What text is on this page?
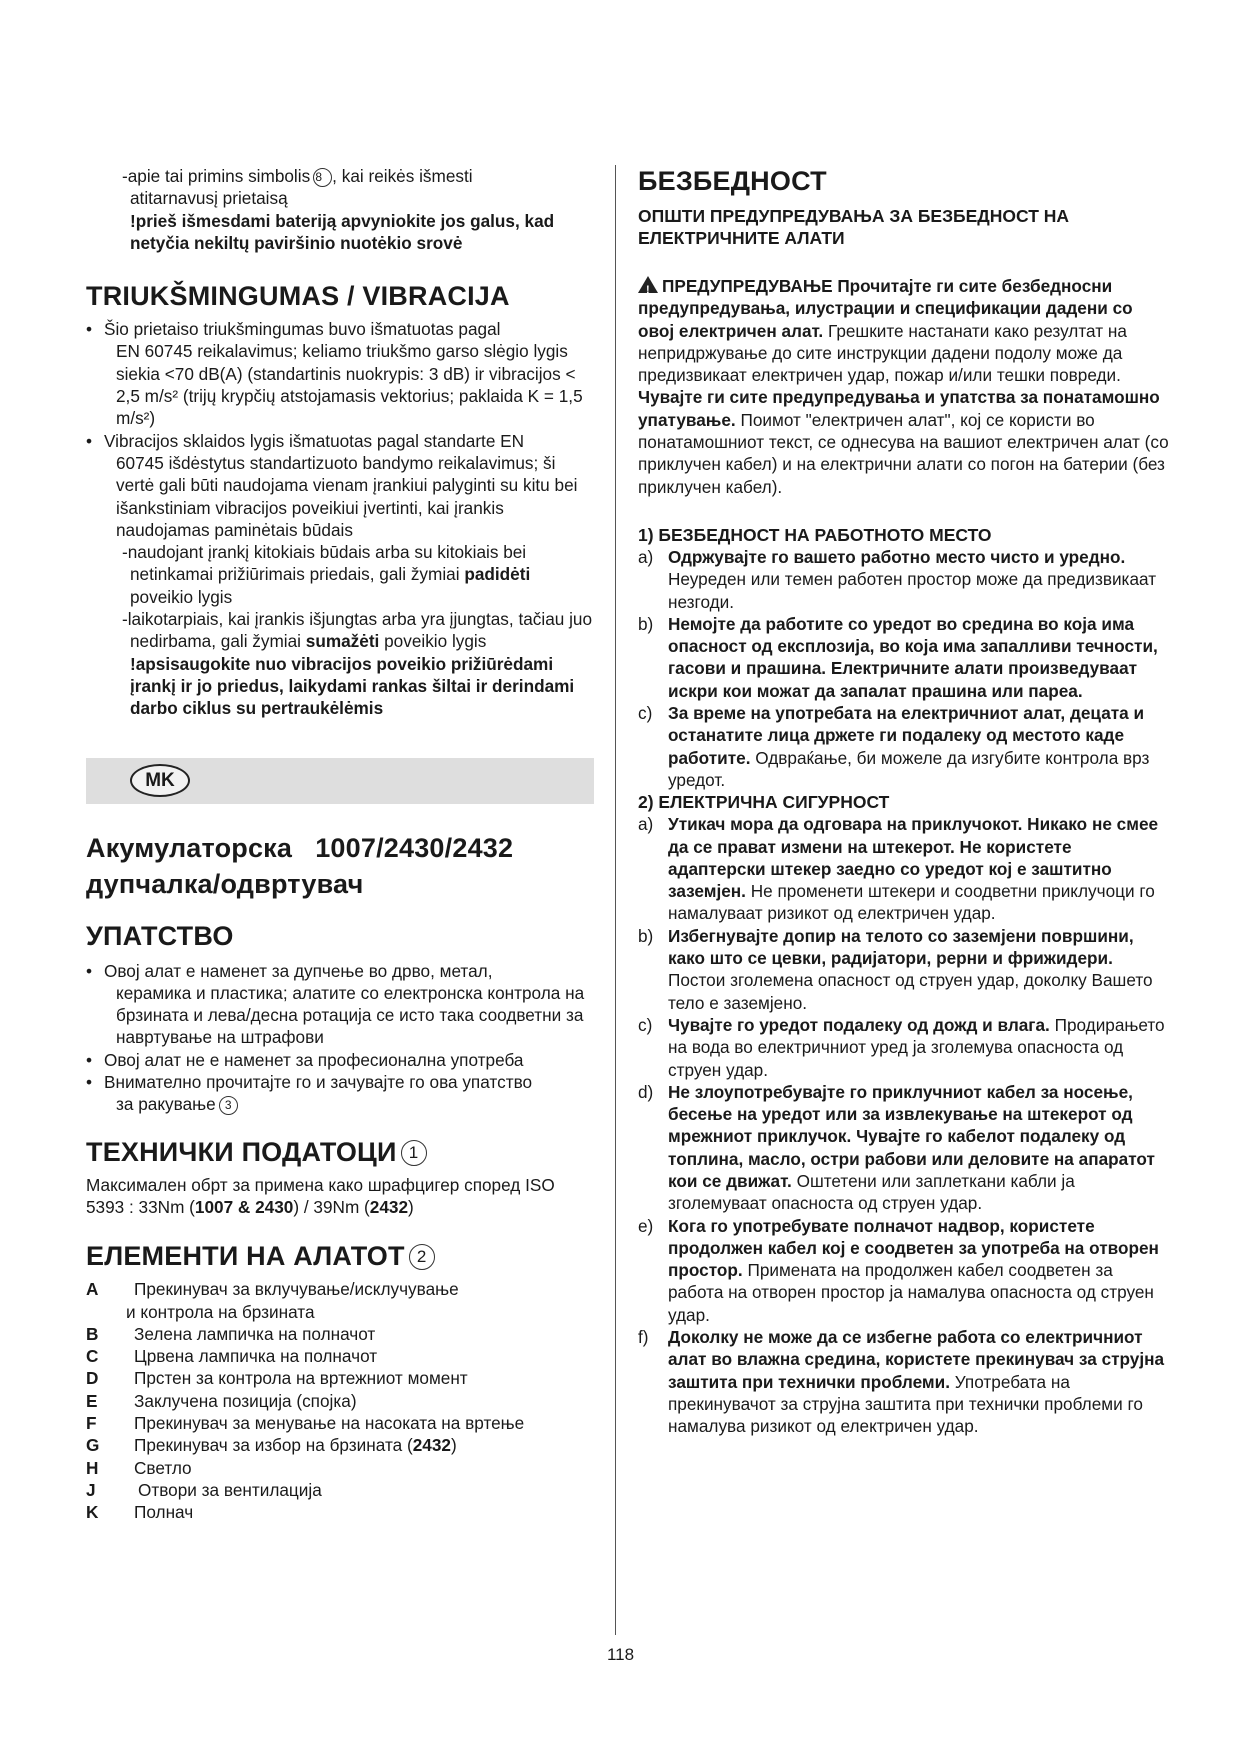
-apie tai primins simbolis 8 , kai reikės išmesti

atitarnavusį prietaisą

!prieš išmesdami bateriją apvyniokite jos galus, kad netyčia nekiltų paviršinio nuotėkio srovė

TRIUKŠMINGUMAS / VIBRACIJA

• Šio prietaiso triukšmingumas buvo išmatuotas pagal

EN 60745 reikalavimus; keliamo triukšmo garso slėgio lygis siekia <70 dB(A) (standartinis nuokrypis: 3 dB) ir vibracijos < 2,5 m/s² (trijų krypčių atstojamasis vektorius; paklaida K = 1,5 m/s²)

• Vibracijos sklaidos lygis išmatuotas pagal standarte EN

60745 išdėstytus standartizuoto bandymo reikalavimus; ši vertė gali būti naudojama vienam įrankiui palyginti su kitu bei išankstiniam vibracijos poveikiui įvertinti, kai įrankis naudojamas paminėtais būdais

-naudojant įrankį kitokiais būdais arba su kitokiais bei netinkamai prižiūrimais priedais, gali žymiai padidėti poveikio lygis

-laikotarpiais, kai įrankis išjungtas arba yra įjungtas, tačiau juo nedirbama, gali žymiai sumažėti poveikio lygis

!apsisaugokite nuo vibracijos poveikio prižiūrėdami įrankį ir jo priedus, laikydami rankas šiltai ir derindami darbo ciklus su pertraukėlėmis
MK
Акумулаторска   1007/2430/2432
дупчалка/одвртувач
УПАТСТВО

• Овој алат е наменет за дупчење во дрво, метал,

керамика и пластика; алатите со електронска контрола на брзината и лева/десна ротација се исто така соодветни за навртување на штрафови

• Овој алат не е наменет за професионална употреба

• Внимателно прочитајте го и зачувајте го ова упатство

за ракување 3

ТЕХНИЧКИ ПОДАТОЦИ 1

Максимален обрт за примена како шрафцигер според ISO 5393 : 33Nm (1007 & 2430) / 39Nm (2432)

ЕЛЕМЕНТИ НА АЛАТОТ 2
A Прекинувач за вклучување/исклучување
и контрола на брзината
B Зелена лампичка на полначот
C Црвена лампичка на полначот
D Прстен за контрола на вртежниот момент
E Заклучена позиција (спојка)
F Прекинувач за менување на насоката на вртење
G Прекинувач за избор на брзината (2432)
H Светло
J Отвори за вентилација
K Полнач
БЕЗБЕДНОСТ

ОПШТИ ПРЕДУПРЕДУВАЊА ЗА БЕЗБЕДНОСТ НА ЕЛЕКТРИЧНИТЕ АЛАТИ

! ПРЕДУПРЕДУВАЊЕ Прочитајте ги сите безбедносни предупредувања, илустрации и спецификации дадени со овој електричен алат. Грешките настанати како резултат на непридржување до сите инструкции дадени подолу може да предизвикаат електричен удар, пожар и/или тешки повреди. Чувајте ги сите предупредувања и упатства за понатамошно упатување. Поимот "електричен алат", кој се користи во понатамошниот текст, се однесува на вашиот електричен алат (со приклучен кабел) и на електрични алати со погон на батерии (без приклучен кабел).

1) БЕЗБЕДНОСТ НА РАБОТНОТО МЕСТО

a) Одржувајте го вашето работно место чисто и уредно. Неуреден или темен работен простор може да предизвикаат незгоди.
b) Немојте да работите со уредот во средина во која има опасност од експлозија, во која има запалливи течности, гасови и прашина. Електричните алати произведуваат искри кои можат да запалат прашина или пареа.
c) За време на употребата на електричниот алат, децата и останатите лица држете ги подалеку од местото каде работите. Одвраќање, би можеле да изгубите контрола врз уредот.

2) ЕЛЕКТРИЧНА СИГУРНОСТ

a) Утикач мора да одговара на приклучокот. Никако не смее да се прават измени на штекерот. Не користете адаптерски штекер заедно со уредот кој е заштитно заземјен. Не променети штекери и соодветни приклучоци го намалуваат ризикот од електричен удар.
b) Избегнувајте допир на телото со заземјени површини, како што се цевки, радијатори, рерни и фрижидери. Постои зголемена опасност од струен удар, доколку Вашето тело е заземјено.
c) Чувајте го уредот подалеку од дожд и влага. Продирањето на вода во електричниот уред ја зголемува опасноста од струен удар.
d) Не злоупотребувајте го приклучниот кабел за носење, бесење на уредот или за извлекување на штекерот од мрежниот приклучок. Чувајте го кабелот подалеку од топлина, масло, остри рабови или деловите на апаратот кои се движат. Оштетени или заплеткани кабли ја зголемуваат опасноста од струен удар.
e) Кога го употребувате полначот надвор, користете продолжен кабел кој е соодветен за употреба на отворен простор. Примената на продолжен кабел соодветен за работа на отворен простор ја намалува опасноста од струен удар.
f) Доколку не може да се избегне работа со електричниот алат во влажна средина, користете прекинувач за струјна заштита при технички проблеми. Употребата на прекинувачот за струјна заштита при технички проблеми го намалува ризикот од електричен удар.
118
